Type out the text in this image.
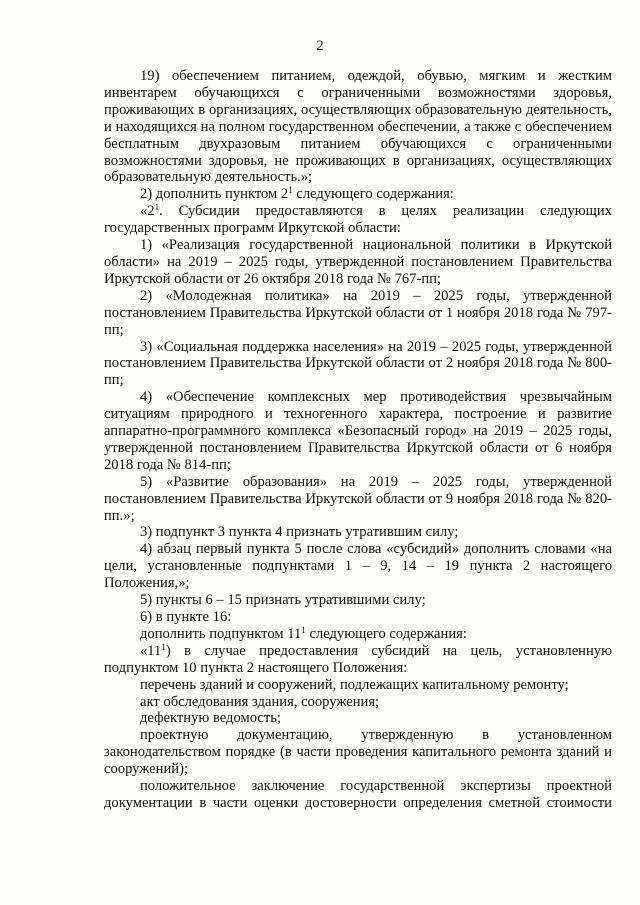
2

19) обеспечением питанием, одеждой, обувью, мягким и жестким инвентарем обучающихся с ограниченными возможностями здоровья, проживающих в организациях, осуществляющих образовательную деятельность, и находящихся на полном государственном обеспечении, а также с обеспечением бесплатным двухразовым питанием обучающихся с ограниченными возможностями здоровья, не проживающих в организациях, осуществляющих образовательную деятельность.»;

2) дополнить пунктом $2^1$ следующего содержания:

«$2^1$. Субсидии предоставляются в целях реализации следующих государственных программ Иркутской области:

1) «Реализация государственной национальной политики в Иркутской области» на 2019 – 2025 годы, утвержденной постановлением Правительства Иркутской области от 26 октября 2018 года № 767-пп;

2) «Молодежная политика» на 2019 – 2025 годы, утвержденной постановлением Правительства Иркутской области от 1 ноября 2018 года № 797-пп;

3) «Социальная поддержка населения» на 2019 – 2025 годы, утвержденной постановлением Правительства Иркутской области от 2 ноября 2018 года № 800-пп;

4) «Обеспечение комплексных мер противодействия чрезвычайным ситуациям природного и техногенного характера, построение и развитие аппаратно-программного комплекса «Безопасный город» на 2019 – 2025 годы, утвержденной постановлением Правительства Иркутской области от 6 ноября 2018 года № 814-пп;

5) «Развитие образования» на 2019 – 2025 годы, утвержденной постановлением Правительства Иркутской области от 9 ноября 2018 года № 820-пп.»;

3) подпункт 3 пункта 4 признать утратившим силу;

4) абзац первый пункта 5 после слова «субсидий» дополнить словами «на цели, установленные подпунктами 1 – 9, 14 – 19 пункта 2 настоящего Положения,»;

5) пункты 6 – 15 признать утратившими силу;

6) в пункте 16:

дополнить подпунктом $11^1$ следующего содержания:

«$11^1$) в случае предоставления субсидий на цель, установленную подпунктом 10 пункта 2 настоящего Положения:

перечень зданий и сооружений, подлежащих капитальному ремонту;

акт обследования здания, сооружения;

дефектную ведомость;

проектную документацию, утвержденную в установленном законодательством порядке (в части проведения капитального ремонта зданий и сооружений);

положительное заключение государственной экспертизы проектной документации в части оценки достоверности определения сметной стоимости
